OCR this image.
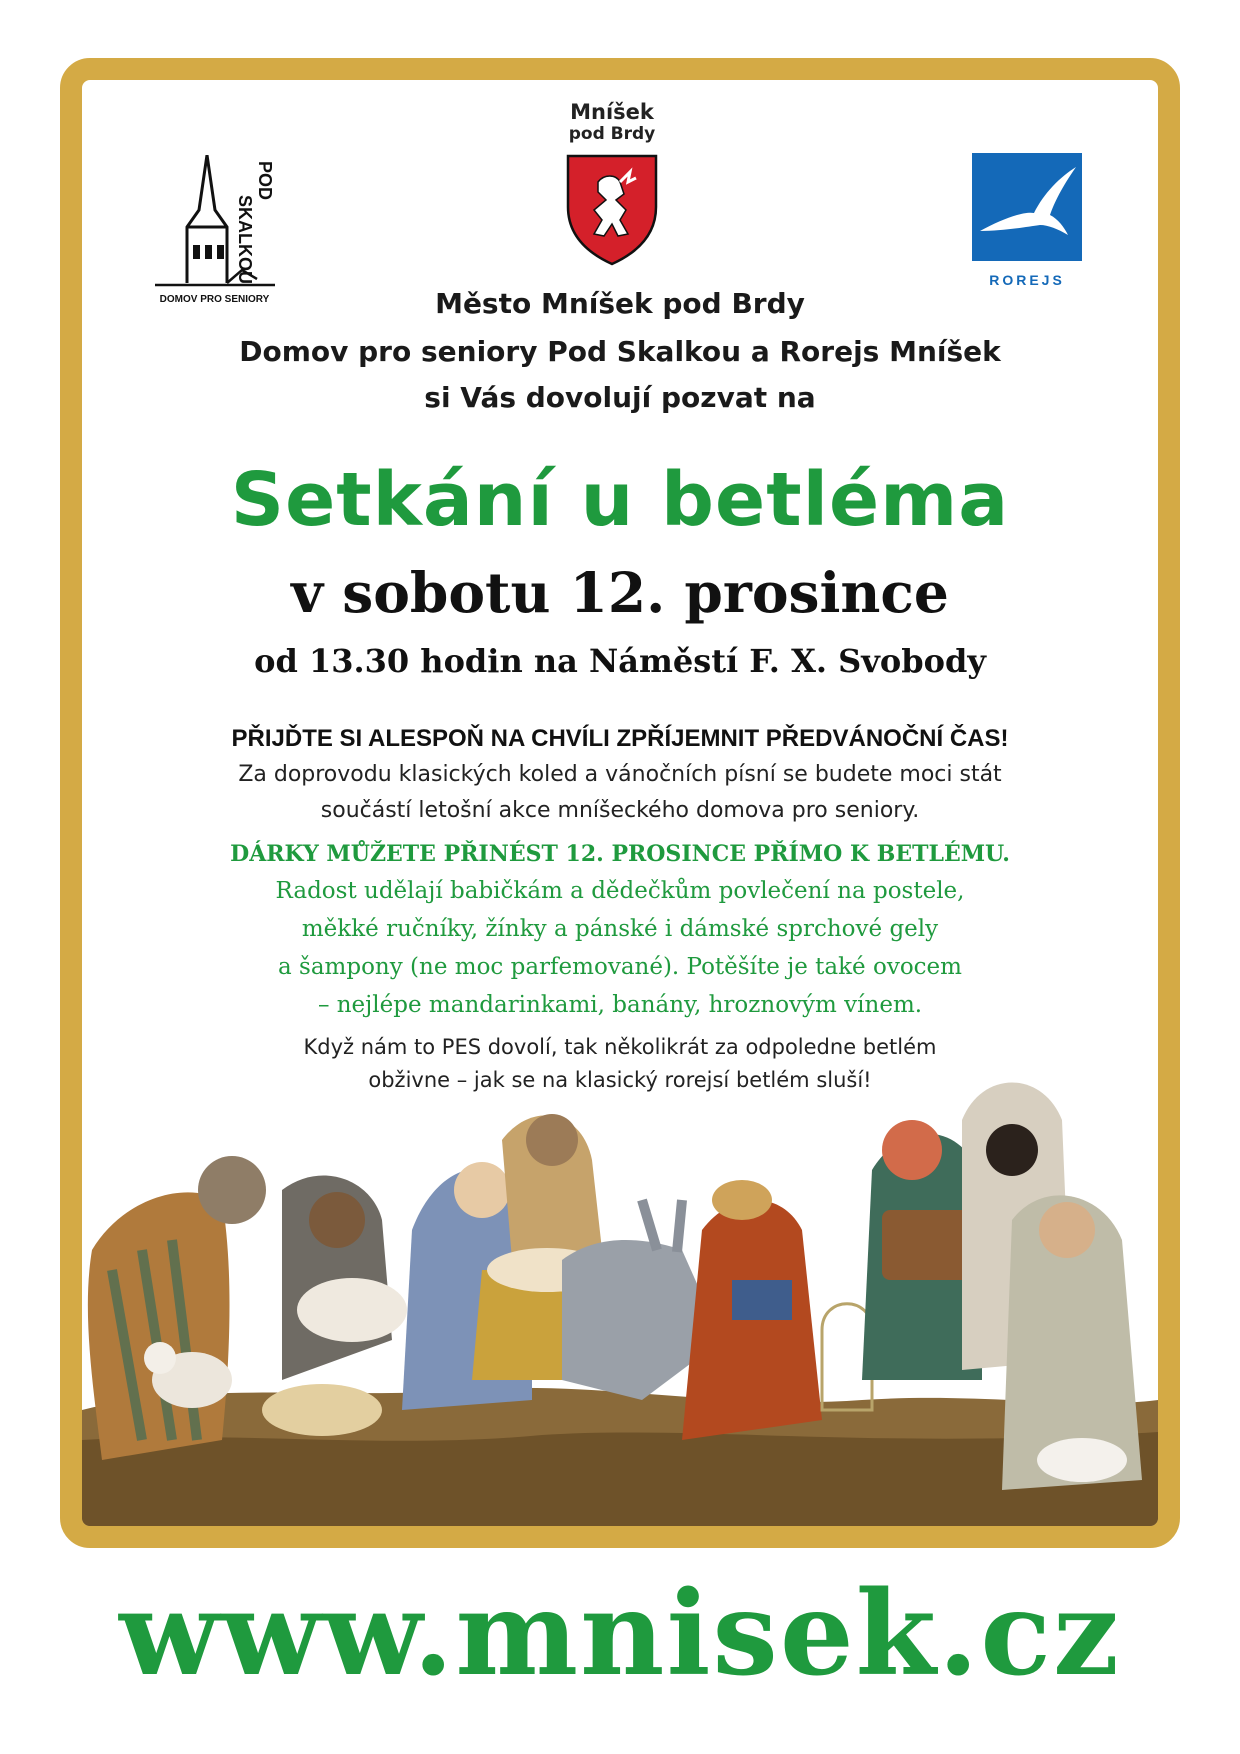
POD
SKALKOU
DOMOV PRO SENIORY
Mníšek
pod Brdy
ROREJS
Město Mníšek pod Brdy
Domov pro seniory Pod Skalkou a Rorejs Mníšek
si Vás dovolují pozvat na
Setkání u betléma
v sobotu 12. prosince
od 13.30 hodin na Náměstí F. X. Svobody
PŘIJĎTE SI ALESPOŇ NA CHVÍLI ZPŘÍJEMNIT PŘEDVÁNOČNÍ ČAS!
Za doprovodu klasických koled a vánočních písní se budete moci stát
součástí letošní akce mníšeckého domova pro seniory.
DÁRKY MŮŽETE PŘINÉST 12. PROSINCE PŘÍMO K BETLÉMU.
Radost udělají babičkám a dědečkům povlečení na postele,
měkké ručníky, žínky a pánské i dámské sprchové gely
a šampony (ne moc parfemované). Potěšíte je také ovocem
– nejlépe mandarinkami, banány, hroznovým vínem.
Když nám to PES dovolí, tak několikrát za odpoledne betlém
obživne – jak se na klasický rorejsí betlém sluší!
www.mnisek.cz
